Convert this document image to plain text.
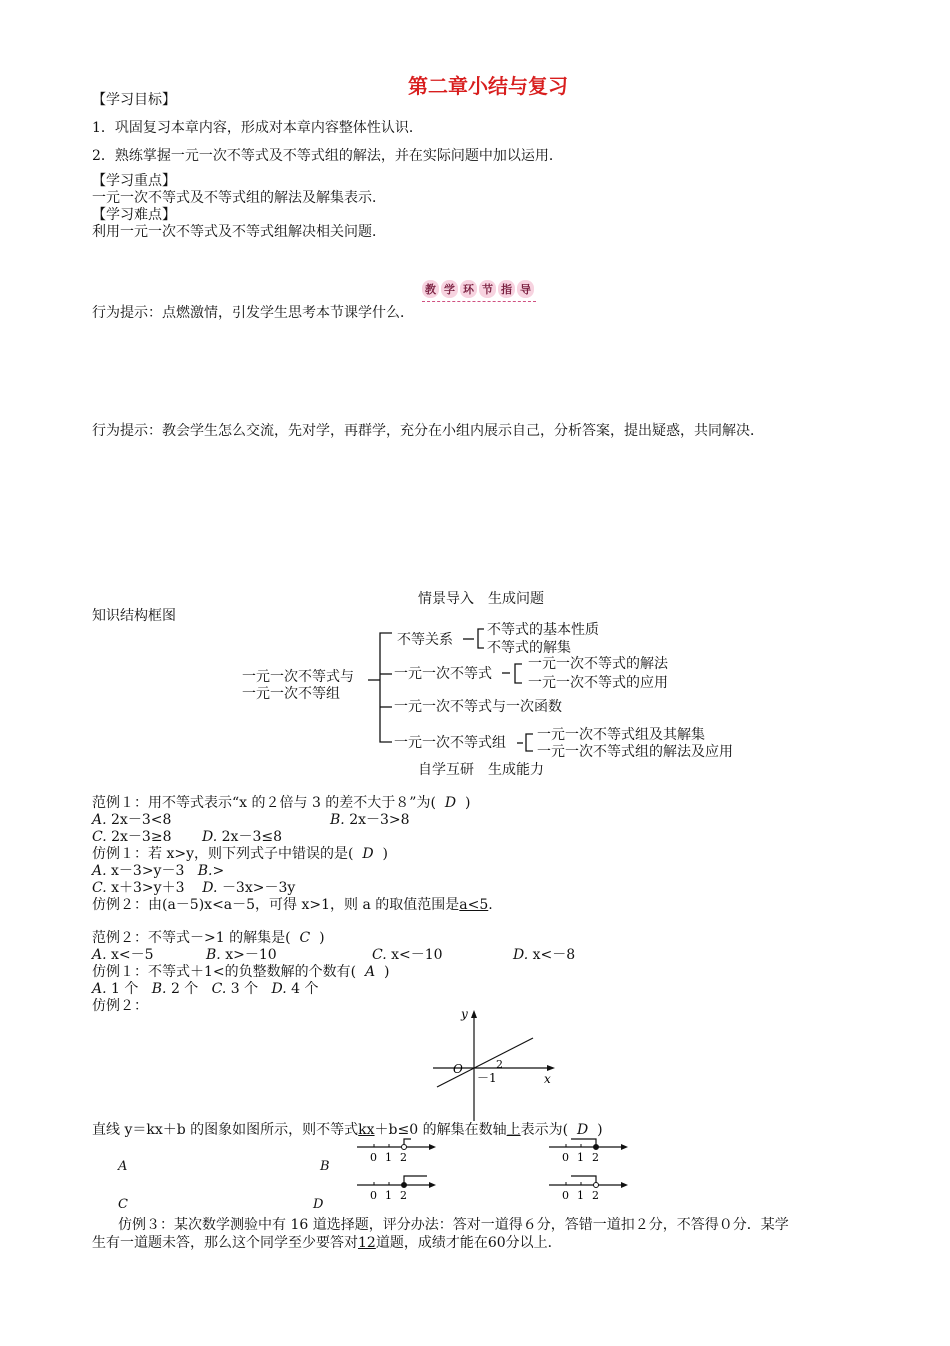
第二章小结与复习
【学习目标】
1．巩固复习本章内容，形成对本章内容整体性认识．
2．熟练掌握一元一次不等式及不等式组的解法，并在实际问题中加以运用．
【学习重点】
一元一次不等式及不等式组的解法及解集表示．
【学习难点】
利用一元一次不等式及不等式组解决相关问题．
教 学 环 节 指 导
行为提示：点燃激情，引发学生思考本节课学什么．
行为提示：教会学生怎么交流，先对学，再群学，充分在小组内展示自己，分析答案，提出疑惑，共同解决．
情景导入　生成问题
知识结构框图
一元一次不等式与
一元一次不等组
不等关系
不等式的基本性质
不等式的解集
一元一次不等式
一元一次不等式的解法
一元一次不等式的应用
一元一次不等式与一次函数
一元一次不等式组 一元一次不等式组及其解集
一元一次不等式组的解法及应用
自学互研　生成能力
范例１：用不等式表示“x 的２倍与 3 的差不大于８”为( D )
A. 2x－3<8	B. 2x－3>8
C. 2x－3≥8 D. 2x－3≤8
仿例１：若 x>y，则下列式子中错误的是( D )
A. x－3>y－3 B.>
C. x＋3>y＋3 D. －3x>－3y
仿例２：由(a－5)x<a－5，可得 x>1，则 a 的取值范围是a<5.
范例２：不等式－>1 的解集是( C )
A. x<－5	B. x>－10	C. x<－10	D. x<－8
仿例１：不等式＋1<的负整数解的个数有( A )
A. 1 个 B. 2 个 C. 3 个 D. 4 个
仿例２：	y
x
O
－1
2
直线 y＝kx＋b 的图象如图所示，则不等式kx＋b≤0 的解集在数轴上表示为( D )
A	B
C	D
0 1 2	0 1 2
0 1 2	0 1 2
仿例３：某次数学测验中有 16 道选择题，评分办法：答对一道得６分，答错一道扣２分，不答得０分．某学
生有一道题未答，那么这个同学至少要答对12道题，成绩才能在60分以上．
